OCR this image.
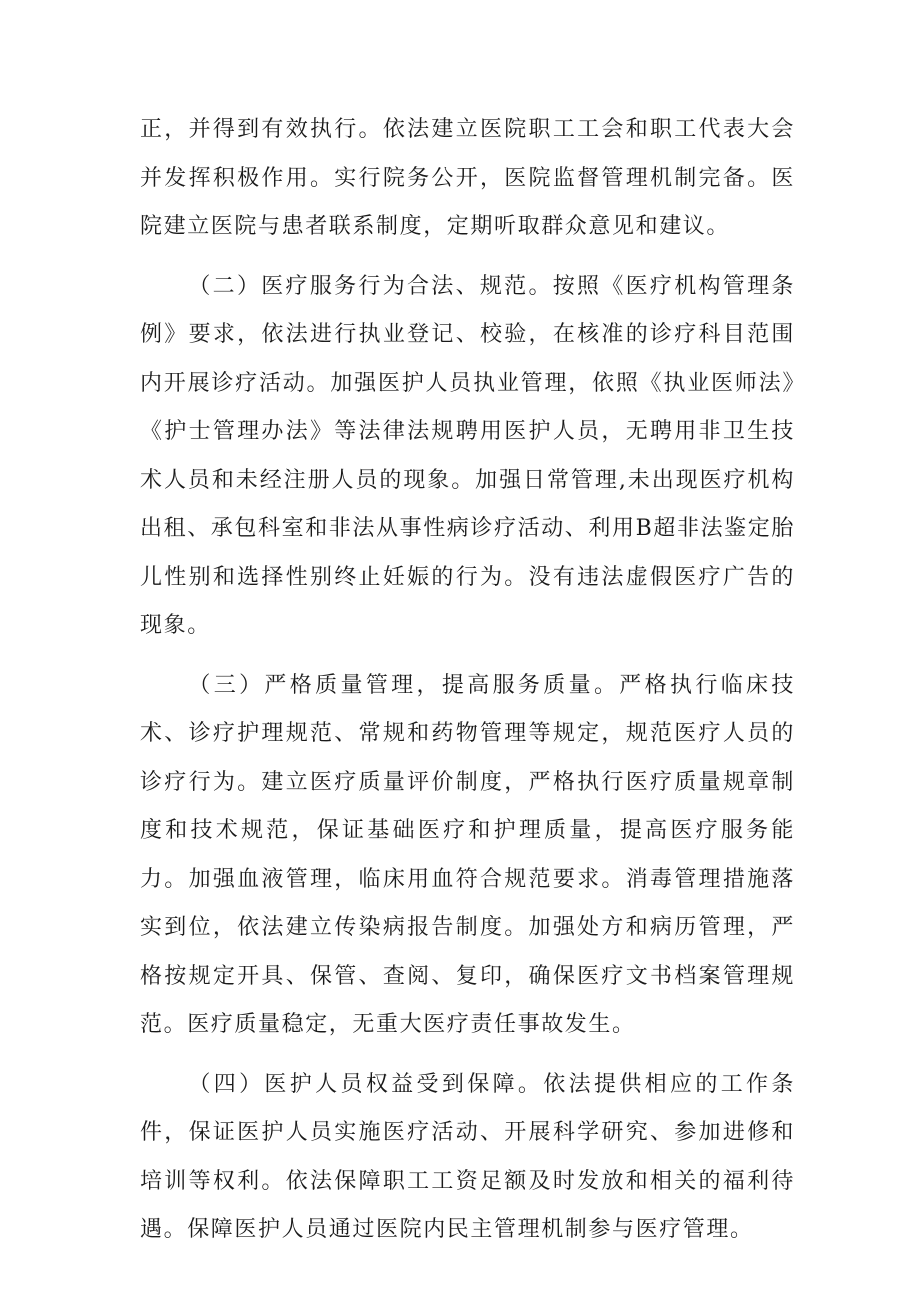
正，并得到有效执行。依法建立医院职工工会和职工代表大会并发挥积极作用。实行院务公开，医院监督管理机制完备。医院建立医院与患者联系制度，定期听取群众意见和建议。

（二）医疗服务行为合法、规范。按照《医疗机构管理条例》要求，依法进行执业登记、校验，在核准的诊疗科目范围内开展诊疗活动。加强医护人员执业管理，依照《执业医师法》《护士管理办法》等法律法规聘用医护人员，无聘用非卫生技术人员和未经注册人员的现象。加强日常管理,未出现医疗机构出租、承包科室和非法从事性病诊疗活动、利用B超非法鉴定胎儿性别和选择性别终止妊娠的行为。没有违法虚假医疗广告的现象。

（三）严格质量管理，提高服务质量。严格执行临床技术、诊疗护理规范、常规和药物管理等规定，规范医疗人员的诊疗行为。建立医疗质量评价制度，严格执行医疗质量规章制度和技术规范，保证基础医疗和护理质量，提高医疗服务能力。加强血液管理，临床用血符合规范要求。消毒管理措施落实到位，依法建立传染病报告制度。加强处方和病历管理，严格按规定开具、保管、查阅、复印，确保医疗文书档案管理规范。医疗质量稳定，无重大医疗责任事故发生。

（四）医护人员权益受到保障。依法提供相应的工作条件，保证医护人员实施医疗活动、开展科学研究、参加进修和培训等权利。依法保障职工工资足额及时发放和相关的福利待遇。保障医护人员通过医院内民主管理机制参与医疗管理。
